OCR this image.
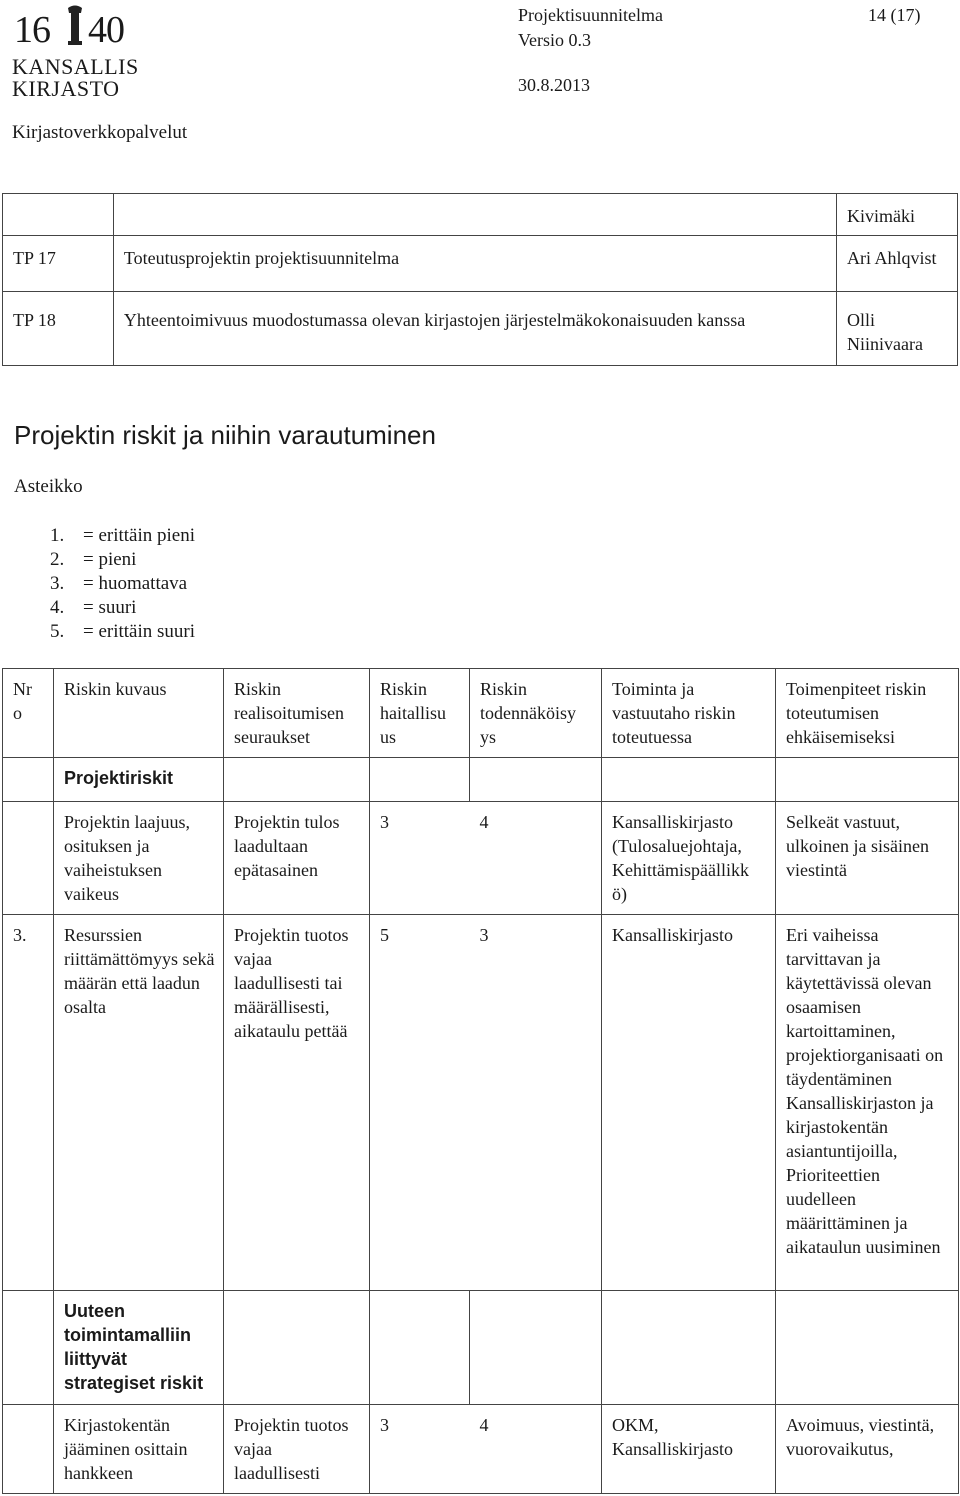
16 40
KANSALLIS
KIRJASTO
Projektisuunnitelma
Versio 0.3
30.8.2013
14 (17)
Kirjastoverkkopalvelut
		Kivimäki
TP 17	Toteutusprojektin projektisuunnitelma	Ari Ahlqvist
TP 18	Yhteentoimivuus muodostumassa olevan kirjastojen järjestelmäkokonaisuuden kanssa	Olli Niinivaara
Projektin riskit ja niihin varautuminen
Asteikko
1. = erittäin pieni
2. = pieni
3. = huomattava
4. = suuri
5. = erittäin suuri
Nr o	Riskin kuvaus	Riskin realisoitumisen seuraukset	Riskin haitallisu us	Riskin todennäköisy ys	Toiminta ja vastuutaho riskin toteutuessa	Toimenpiteet riskin toteutumisen ehkäisemiseksi
	Projektiriskit					
	Projektin laajuus, osituksen ja vaiheistuksen vaikeus	Projektin tulos laadultaan epätasainen	3	4	Kansalliskirjasto (Tulosaluejohtaja, Kehittämispäällikk ö)	Selkeät vastuut, ulkoinen ja sisäinen viestintä
3.	Resurssien riittämättömyys sekä määrän että laadun osalta	Projektin tuotos vajaa laadullisesti tai määrällisesti, aikataulu pettää	5	3	Kansalliskirjasto	Eri vaiheissa tarvittavan ja käytettävissä olevan osaamisen kartoittaminen, projektiorganisaati on täydentäminen Kansalliskirjaston ja kirjastokentän asiantuntijoilla, Prioriteettien uudelleen määrittäminen ja aikataulun uusiminen
	Uuteen toimintamalliin liittyvät strategiset riskit					
	Kirjastokentän jääminen osittain hankkeen	Projektin tuotos vajaa laadullisesti	3	4	OKM, Kansalliskirjasto	Avoimuus, viestintä, vuorovaikutus,
